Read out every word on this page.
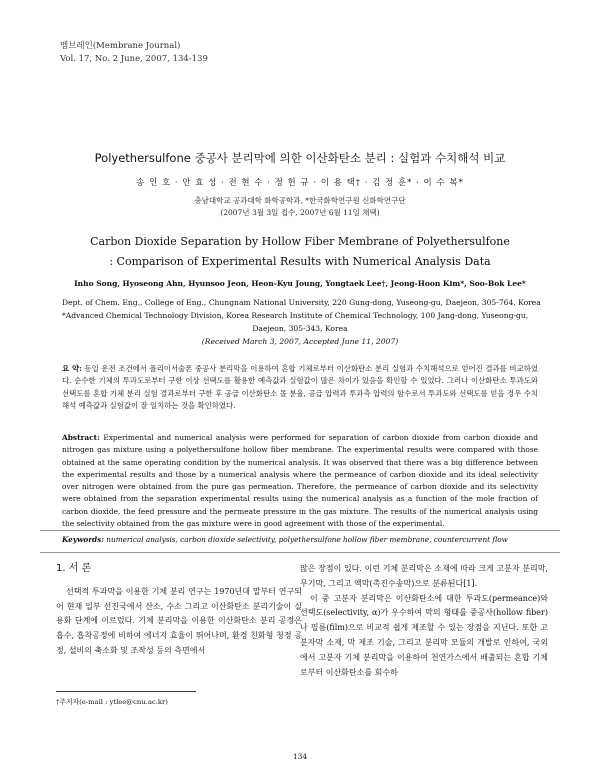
멤브레인(Membrane Journal)
Vol. 17, No. 2 June, 2007, 134-139
Polyethersulfone 중공사 분리막에 의한 이산화탄소 분리 : 실험과 수치해석 비교
송 인 호 · 안 효 성 · 전 현 수 · 정 헌 규 · 이 용 택† · 김 정 훈* · 이 수 복*
충남대학교 공과대학 화학공학과, *한국화학연구원 신화학연구단
(2007년 3월 3일 접수, 2007년 6월 11일 채택)
Carbon Dioxide Separation by Hollow Fiber Membrane of Polyethersulfone
: Comparison of Experimental Results with Numerical Analysis Data
Inho Song, Hyoseong Ahn, Hyunsoo Jeon, Heon-Kyu Joung, Yongtaek Lee†, Jeong-Hoon Kim*, Soo-Bok Lee*
Dept. of Chem. Eng., College of Eng., Chungnam National University, 220 Gung-dong, Yuseong-gu, Daejeon, 305-764, Korea
*Advanced Chemical Technology Division, Korea Research Institute of Chemical Technology, 100 Jang-dong, Yuseong-gu,
Daejeon, 305-343, Korea
(Received March 3, 2007, Accepted June 11, 2007)
요 약: 동일 운전 조건에서 폴리이서술폰 중공사 분리막을 이용하여 혼합 기체로부터 이산화탄소 분리 실험과 수치해석으로 얻어진 결과를 비교하였다. 순수한 기체의 투과도로부터 구한 이상 선택도를 활용한 예측값과 실험값이 많은 차이가 있음을 확인할 수 있었다. 그러나 이산화탄소 투과도와 선택도를 혼합 기체 분리 실험 결과로부터 구한 후 공급 이산화탄소 몰 분율, 공급 압력과 투과측 압력의 함수로서 투과도와 선택도를 얻을 경우 수치해석 예측값과 실험값이 잘 일치하는 것을 확인하였다.
Abstract: Experimental and numerical analysis were performed for separation of carbon dioxide from carbon dioxide and nitrogen gas mixture using a polyethersulfone hollow fiber membrane. The experimental results were compared with those obtained at the same operating condition by the numerical analysis. It was observed that there was a big difference between the experimental results and those by a numerical analysis where the permeance of carbon dioxide and its ideal selectivity over nitrogen were obtained from the pure gas permeation. Therefore, the permeance of carbon dioxide and its selectivity were obtained from the separation experimental results using the numerical analysis as a function of the mole fraction of carbon dioxide, the feed pressure and the permeate pressure in the gas mixture. The results of the numerical analysis using the selectivity obtained from the gas mixture were in good agreement with those of the experimental.
Keywords: numerical analysis, carbon dioxide selectivity, polyethersulfone hollow fiber membrane, countercurrent flow
1. 서 론

선택적 투과막을 이용한 기체 분리 연구는 1970년대 말부터 연구되어 현재 일부 선진국에서 산소, 수소 그리고 이산화탄소 분리기술이 실용화 단계에 이르렀다. 기체 분리막을 이용한 이산화탄소 분리 공정은 흡수, 흡착공정에 비하여 에너지 효율이 뛰어나며, 환경 친화형 청정 공정, 설비의 축소화 및 조작성 등의 측면에서

많은 장점이 있다. 이런 기체 분리막은 소재에 따라 크게 고분자 분리막, 무기막, 그리고 액막(촉진수송막)으로 분류된다[1].

이 중 고분자 분리막은 이산화탄소에 대한 투과도(permeance)와 선택도(selectivity, α)가 우수하여 막의 형태를 중공사(hollow fiber)나 필름(film)으로 비교적 쉽게 제조할 수 있는 장점을 지닌다. 또한 고분자막 소재, 막 제조 기술, 그리고 분리막 모듈의 개발로 인하여, 국외에서 고분자 기체 분리막을 이용하여 천연가스에서 배출되는 혼합 기체로부터 이산화탄소를 회수하

†주저자(e-mail : ytlee@cnu.ac.kr)
134
